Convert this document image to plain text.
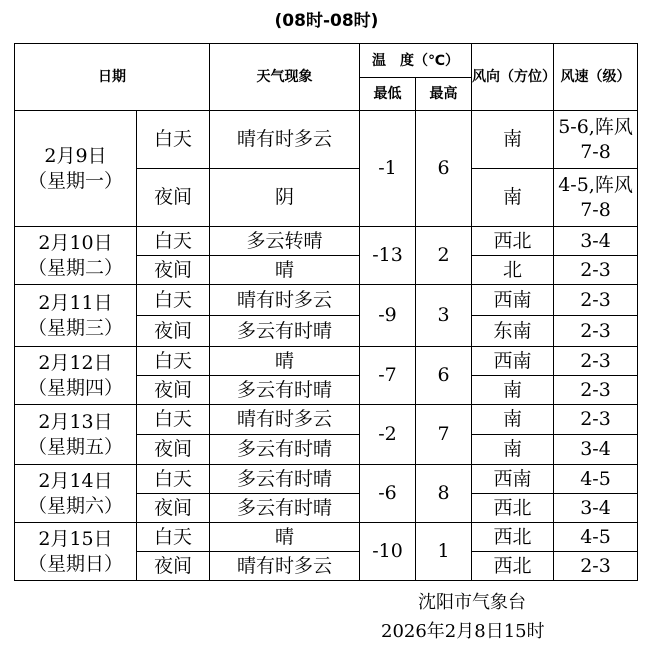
(08时-08时)
日期		天气现象	温　度（℃）		风向（方位）	风速（级）
			最低	最高		

2月9日
（星期一）	白天	晴有时多云	-1	6	南	5-6,阵风7-8
	夜间	阴			南	4-5,阵风7-8

2月10日
（星期二）	白天	多云转晴	-13	2	西北	3-4
	夜间	晴			北	2-3

2月11日
（星期三）	白天	晴有时多云	-9	3	西南	2-3
	夜间	多云有时晴			东南	2-3

2月12日
（星期四）	白天	晴	-7	6	西南	2-3
	夜间	多云有时晴			南	2-3

2月13日
（星期五）	白天	晴有时多云	-2	7	南	2-3
	夜间	多云有时晴			南	3-4

2月14日
（星期六）	白天	多云有时晴	-6	8	西南	4-5
	夜间	多云有时晴			西北	3-4

2月15日
（星期日）	白天	晴	-10	1	西北	4-5
	夜间	晴有时多云			西北	2-3
沈阳市气象台
2026年2月8日15时
